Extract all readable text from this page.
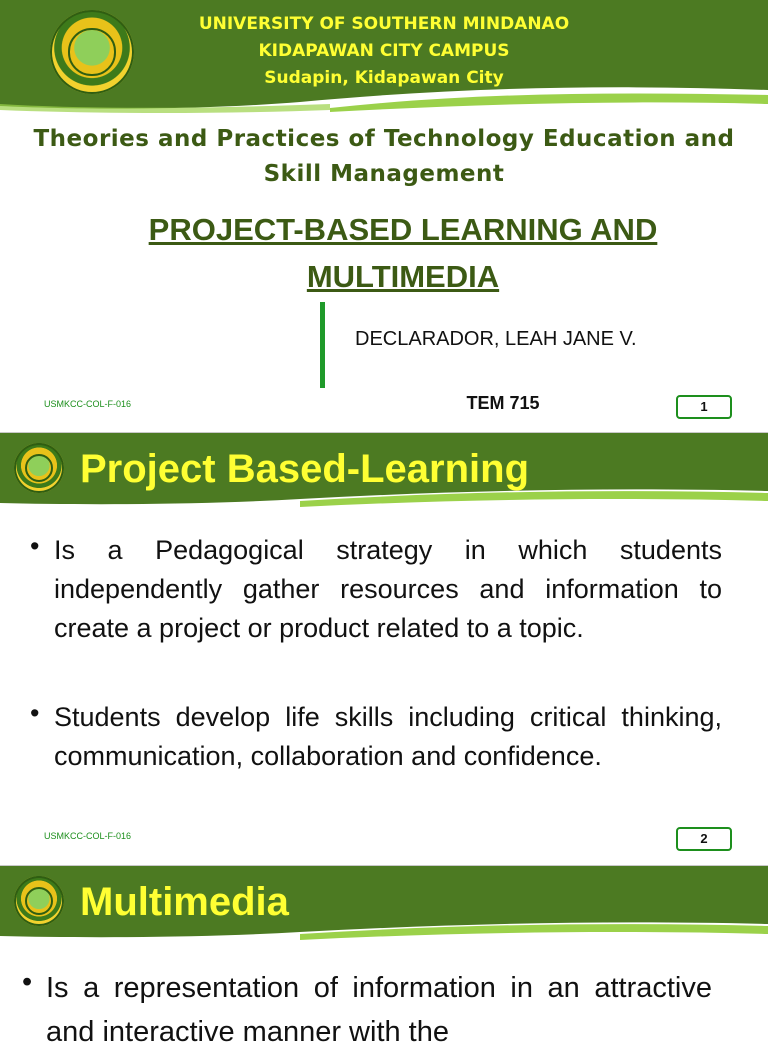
UNIVERSITY OF SOUTHERN MINDANAO
KIDAPAWAN CITY CAMPUS
Sudapin, Kidapawan City
Theories and Practices of Technology Education and Skill Management
PROJECT-BASED LEARNING AND MULTIMEDIA
DECLARADOR, LEAH JANE V.
USMKCC-COL-F-016	TEM 715	1
Project Based-Learning
• Is a Pedagogical strategy in which students independently gather resources and information to create a project or product related to a topic.
• Students develop life skills including critical thinking, communication, collaboration and confidence.
USMKCC-COL-F-016	2
Multimedia
• Is a representation of information in an attractive and interactive manner with the
